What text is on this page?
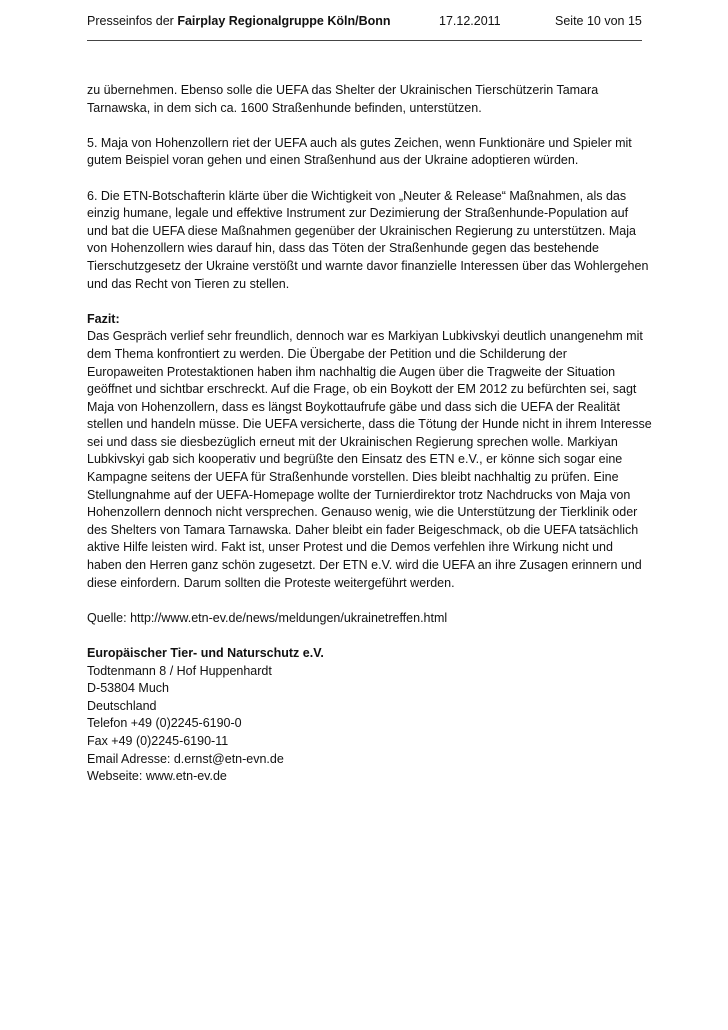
Presseinfos der Fairplay Regionalgruppe Köln/Bonn	17.12.2011	Seite 10 von 15
zu übernehmen. Ebenso solle die UEFA das Shelter der Ukrainischen Tierschützerin Tamara
Tarnawska, in dem sich ca. 1600 Straßenhunde befinden, unterstützen.
5. Maja von Hohenzollern riet der UEFA auch als gutes Zeichen, wenn Funktionäre und Spieler mit
gutem Beispiel voran gehen und einen Straßenhund aus der Ukraine adoptieren würden.
6. Die ETN-Botschafterin klärte über die Wichtigkeit von „Neuter & Release“ Maßnahmen, als das
einzig humane, legale und effektive Instrument zur Dezimierung der Straßenhunde-Population auf
und bat die UEFA diese Maßnahmen gegenüber der Ukrainischen Regierung zu unterstützen. Maja
von Hohenzollern wies darauf hin, dass das Töten der Straßenhunde gegen das bestehende
Tierschutzgesetz der Ukraine verstößt und warnte davor finanzielle Interessen über das Wohlergehen
und das Recht von Tieren zu stellen.
Fazit:
Das Gespräch verlief sehr freundlich, dennoch war es Markiyan Lubkivskyi deutlich unangenehm mit
dem Thema konfrontiert zu werden. Die Übergabe der Petition und die Schilderung der
Europaweiten Protestaktionen haben ihm nachhaltig die Augen über die Tragweite der Situation
geöffnet und sichtbar erschreckt. Auf die Frage, ob ein Boykott der EM 2012 zu befürchten sei, sagt
Maja von Hohenzollern, dass es längst Boykottaufrufe gäbe und dass sich die UEFA der Realität
stellen und handeln müsse. Die UEFA versicherte, dass die Tötung der Hunde nicht in ihrem Interesse
sei und dass sie diesbezüglich erneut mit der Ukrainischen Regierung sprechen wolle. Markiyan
Lubkivskyi gab sich kooperativ und begrüßte den Einsatz des ETN e.V., er könne sich sogar eine
Kampagne seitens der UEFA für Straßenhunde vorstellen. Dies bleibt nachhaltig zu prüfen. Eine
Stellungnahme auf der UEFA-Homepage wollte der Turnierdirektor trotz Nachdrucks von Maja von
Hohenzollern dennoch nicht versprechen. Genauso wenig, wie die Unterstützung der Tierklinik oder
des Shelters von Tamara Tarnawska. Daher bleibt ein fader Beigeschmack, ob die UEFA tatsächlich
aktive Hilfe leisten wird. Fakt ist, unser Protest und die Demos verfehlen ihre Wirkung nicht und
haben den Herren ganz schön zugesetzt. Der ETN e.V. wird die UEFA an ihre Zusagen erinnern und
diese einfordern. Darum sollten die Proteste weitergeführt werden.
Quelle: http://www.etn-ev.de/news/meldungen/ukrainetreffen.html
Europäischer Tier- und Naturschutz e.V.
Todtenmann 8 / Hof Huppenhardt
D-53804 Much
Deutschland
Telefon +49 (0)2245-6190-0
Fax +49 (0)2245-6190-11
Email Adresse: d.ernst@etn-evn.de
Webseite: www.etn-ev.de
